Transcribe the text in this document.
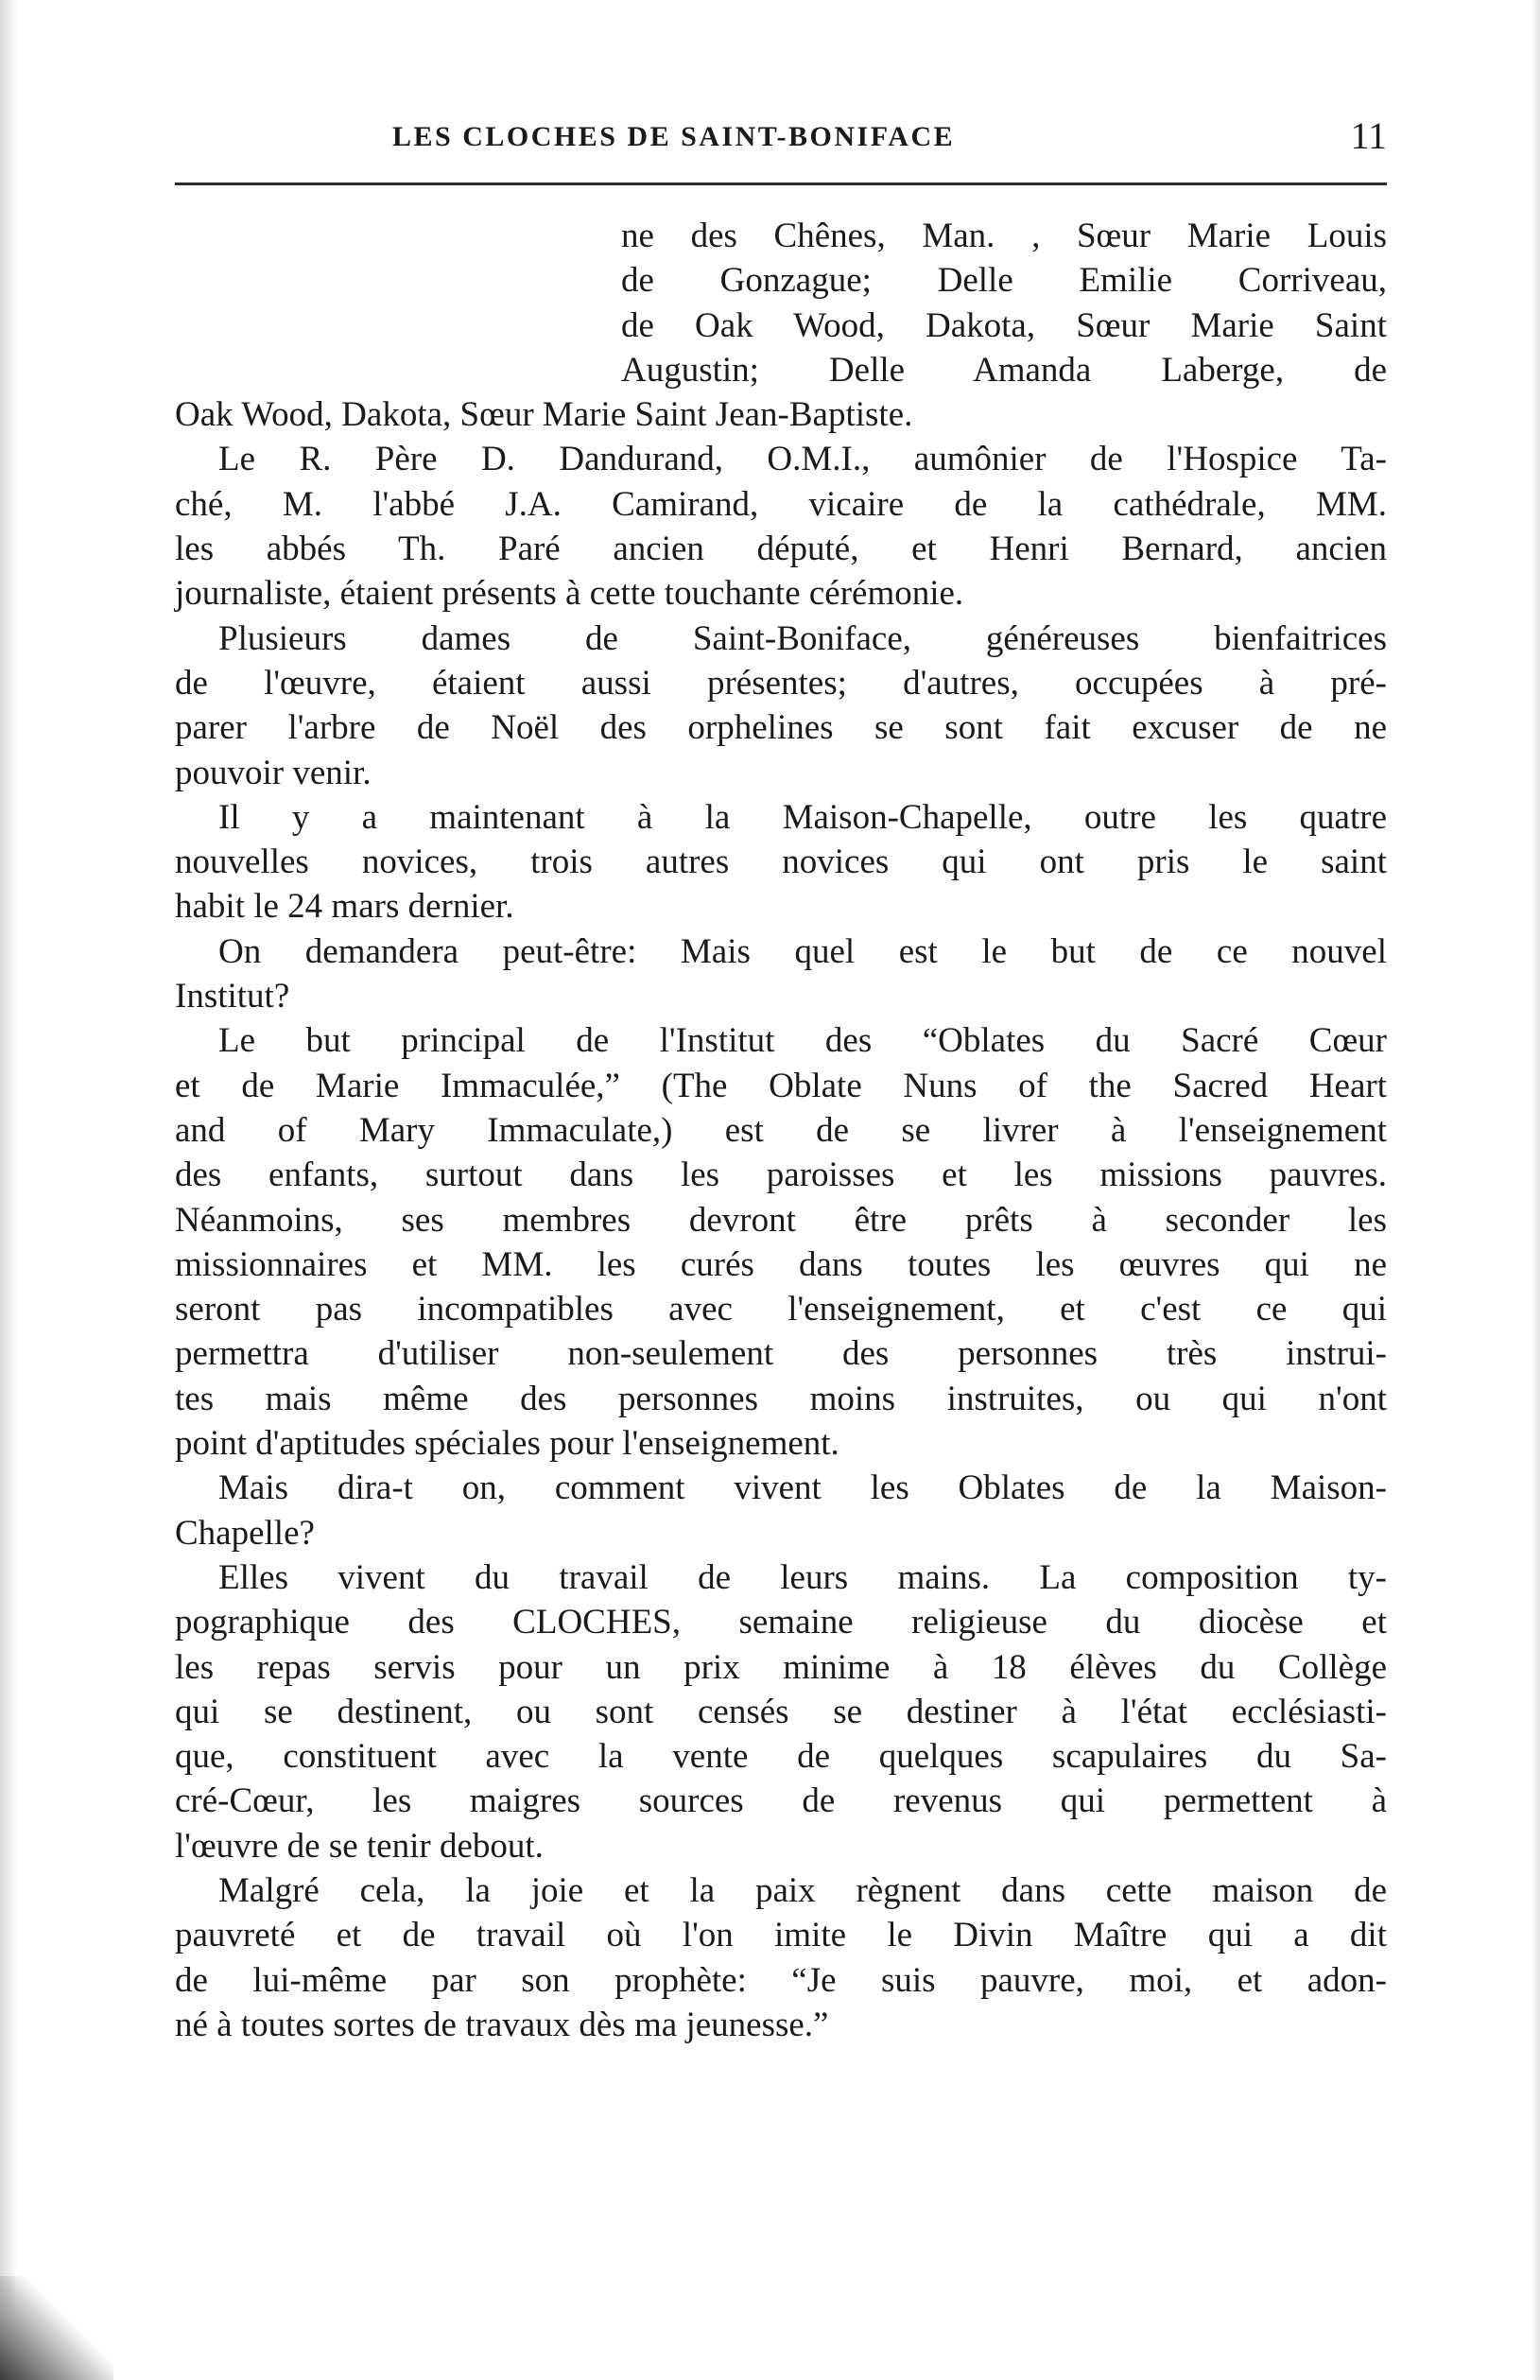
LES CLOCHES DE SAINT-BONIFACE	11
ne des Chênes, Man. , Sœur Marie Louis
de Gonzague; Delle Emilie Corriveau,
de Oak Wood, Dakota, Sœur Marie Saint
Augustin; Delle Amanda Laberge, de
Oak Wood, Dakota, Sœur Marie Saint Jean-Baptiste.
Le R. Père D. Dandurand, O.M.I., aumônier de l'Hospice Ta-
ché, M. l'abbé J.A. Camirand, vicaire de la cathédrale, MM.
les abbés Th. Paré ancien député, et Henri Bernard, ancien
journaliste, étaient présents à cette touchante cérémonie.
Plusieurs dames de Saint-Boniface, généreuses bienfaitrices
de l'œuvre, étaient aussi présentes; d'autres, occupées à pré-
parer l'arbre de Noël des orphelines se sont fait excuser de ne
pouvoir venir.
Il y a maintenant à la Maison-Chapelle, outre les quatre
nouvelles novices, trois autres novices qui ont pris le saint
habit le 24 mars dernier.
On demandera peut-être: Mais quel est le but de ce nouvel
Institut?
Le but principal de l'Institut des “Oblates du Sacré Cœur
et de Marie Immaculée,” (The Oblate Nuns of the Sacred Heart
and of Mary Immaculate,) est de se livrer à l'enseignement
des enfants, surtout dans les paroisses et les missions pauvres.
Néanmoins, ses membres devront être prêts à seconder les
missionnaires et MM. les curés dans toutes les œuvres qui ne
seront pas incompatibles avec l'enseignement, et c'est ce qui
permettra d'utiliser non-seulement des personnes très instrui-
tes mais même des personnes moins instruites, ou qui n'ont
point d'aptitudes spéciales pour l'enseignement.
Mais dira-t on, comment vivent les Oblates de la Maison-
Chapelle?
Elles vivent du travail de leurs mains. La composition ty-
pographique des CLOCHES, semaine religieuse du diocèse et
les repas servis pour un prix minime à 18 élèves du Collège
qui se destinent, ou sont censés se destiner à l'état ecclésiasti-
que, constituent avec la vente de quelques scapulaires du Sa-
cré-Cœur, les maigres sources de revenus qui permettent à
l'œuvre de se tenir debout.
Malgré cela, la joie et la paix règnent dans cette maison de
pauvreté et de travail où l'on imite le Divin Maître qui a dit
de lui-même par son prophète: “Je suis pauvre, moi, et adon-
né à toutes sortes de travaux dès ma jeunesse.”
